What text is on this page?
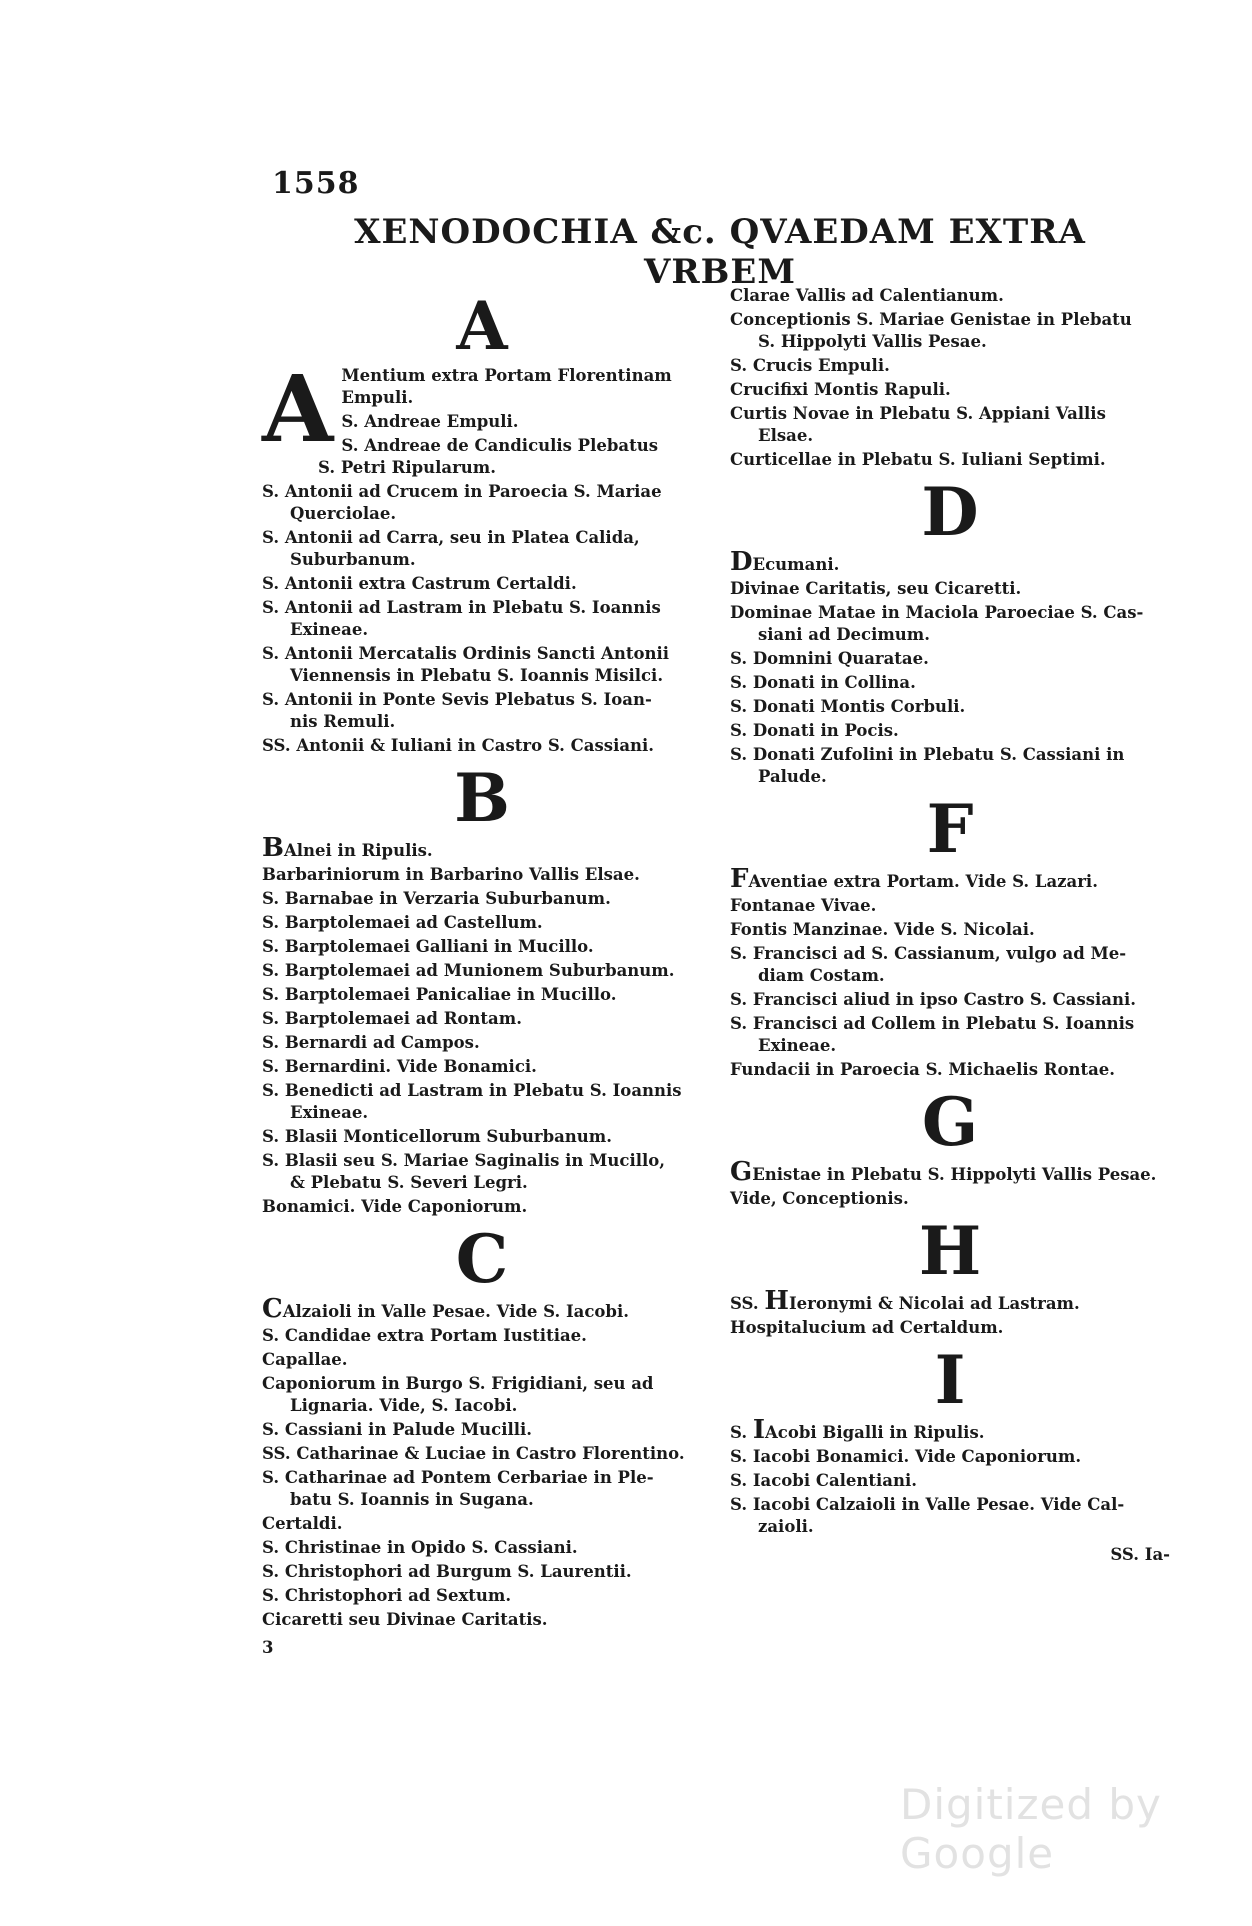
1558
XENODOCHIA &c. QVAEDAM EXTRA VRBEM
A
A Mentium extra Portam Florentinam
Empuli.
S. Andreae Empuli.
S. Andreae de Candiculis Plebatus
S. Petri Ripularum.
S. Antonii ad Crucem in Paroecia S. Mariae
Querciolae.
S. Antonii ad Carra, seu in Platea Calida,
Suburbanum.
S. Antonii extra Castrum Certaldi.
S. Antonii ad Lastram in Plebatu S. Ioannis
Exineae.
S. Antonii Mercatalis Ordinis Sancti Antonii
Viennensis in Plebatu S. Ioannis Misilci.
S. Antonii in Ponte Sevis Plebatus S. Ioan-
nis Remuli.
SS. Antonii & Iuliani in Castro S. Cassiani.
B
BAlnei in Ripulis.
Barbariniorum in Barbarino Vallis Elsae.
S. Barnabae in Verzaria Suburbanum.
S. Barptolemaei ad Castellum.
S. Barptolemaei Galliani in Mucillo.
S. Barptolemaei ad Munionem Suburbanum.
S. Barptolemaei Panicaliae in Mucillo.
S. Barptolemaei ad Rontam.
S. Bernardi ad Campos.
S. Bernardini. Vide Bonamici.
S. Benedicti ad Lastram in Plebatu S. Ioannis
Exineae.
S. Blasii Monticellorum Suburbanum.
S. Blasii seu S. Mariae Saginalis in Mucillo,
& Plebatu S. Severi Legri.
Bonamici. Vide Caponiorum.
C
CAlzaioli in Valle Pesae. Vide S. Iacobi.
S. Candidae extra Portam Iustitiae.
Capallae.
Caponiorum in Burgo S. Frigidiani, seu ad
Lignaria. Vide, S. Iacobi.
S. Cassiani in Palude Mucilli.
SS. Catharinae & Luciae in Castro Florentino.
S. Catharinae ad Pontem Cerbariae in Ple-
batu S. Ioannis in Sugana.
Certaldi.
S. Christinae in Opido S. Cassiani.
S. Christophori ad Burgum S. Laurentii.
S. Christophori ad Sextum.
Cicaretti seu Divinae Caritatis.
3
Clarae Vallis ad Calentianum.
Conceptionis S. Mariae Genistae in Plebatu
S. Hippolyti Vallis Pesae.
S. Crucis Empuli.
Crucifixi Montis Rapuli.
Curtis Novae in Plebatu S. Appiani Vallis
Elsae.
Curticellae in Plebatu S. Iuliani Septimi.
D
DEcumani.
Divinae Caritatis, seu Cicaretti.
Dominae Matae in Maciola Paroeciae S. Cas-
siani ad Decimum.
S. Domnini Quaratae.
S. Donati in Collina.
S. Donati Montis Corbuli.
S. Donati in Pocis.
S. Donati Zufolini in Plebatu S. Cassiani in
Palude.
F
FAventiae extra Portam. Vide S. Lazari.
Fontanae Vivae.
Fontis Manzinae. Vide S. Nicolai.
S. Francisci ad S. Cassianum, vulgo ad Me-
diam Costam.
S. Francisci aliud in ipso Castro S. Cassiani.
S. Francisci ad Collem in Plebatu S. Ioannis
Exineae.
Fundacii in Paroecia S. Michaelis Rontae.
G
GEnistae in Plebatu S. Hippolyti Vallis Pesae.
Vide, Conceptionis.
H
SS. HIeronymi & Nicolai ad Lastram.
Hospitalucium ad Certaldum.
I
S. IAcobi Bigalli in Ripulis.
S. Iacobi Bonamici. Vide Caponiorum.
S. Iacobi Calentiani.
S. Iacobi Calzaioli in Valle Pesae. Vide Cal-
zaioli.
SS. Ia-
Digitized by Google
